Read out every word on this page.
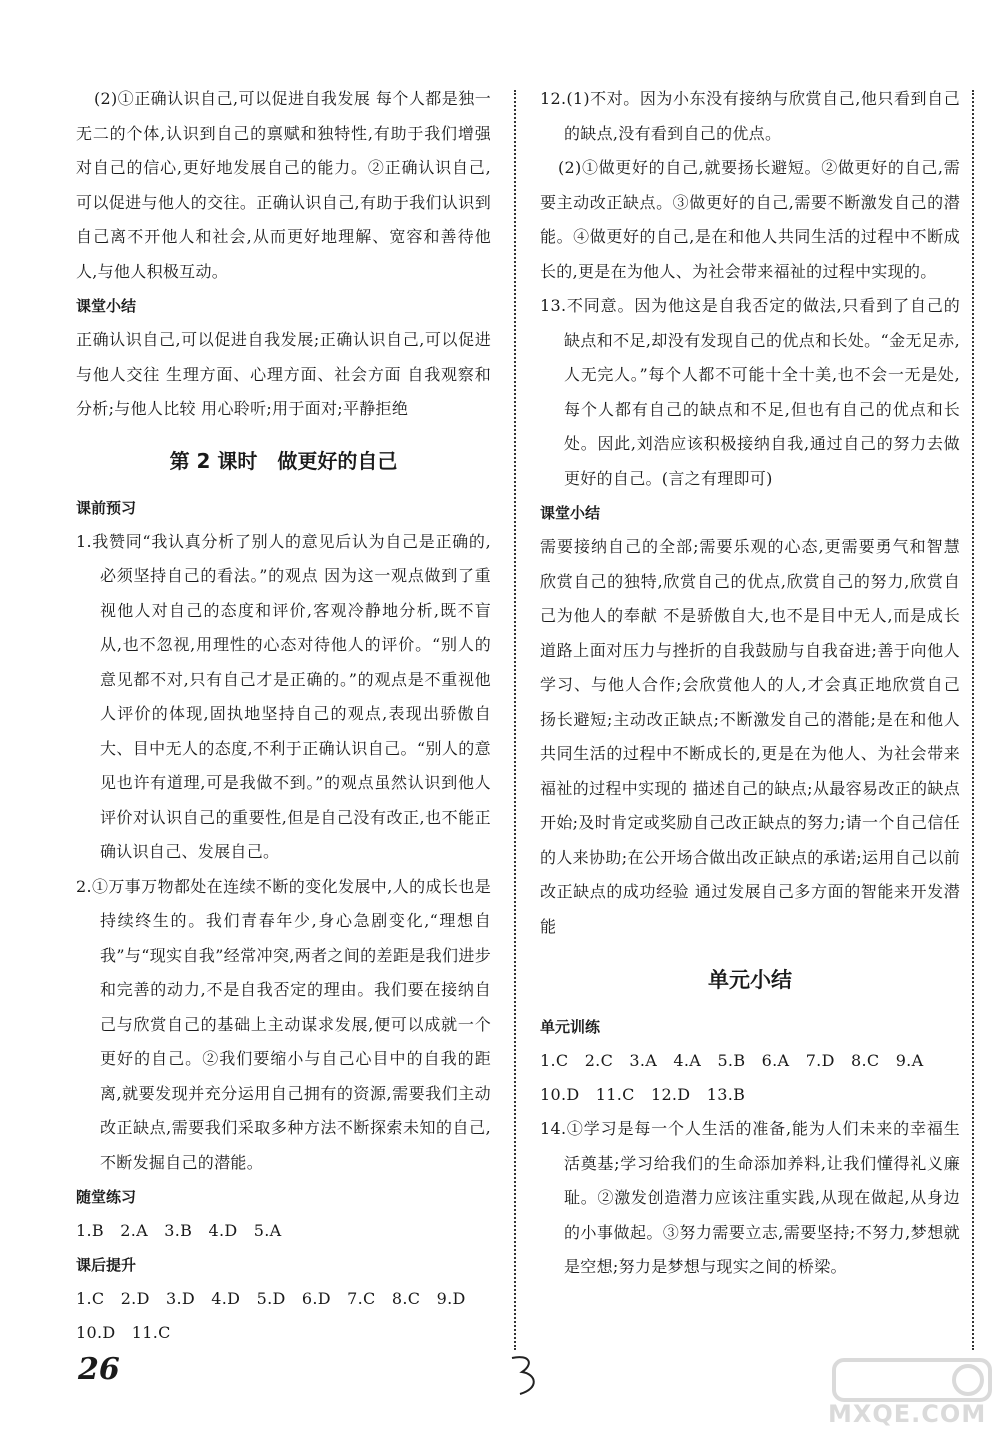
(2)①正确认识自己,可以促进自我发展 每个人都是独一无二的个体,认识到自己的禀赋和独特性,有助于我们增强对自己的信心,更好地发展自己的能力。②正确认识自己,可以促进与他人的交往。正确认识自己,有助于我们认识到自己离不开他人和社会,从而更好地理解、宽容和善待他人,与他人积极互动。

课堂小结

正确认识自己,可以促进自我发展;正确认识自己,可以促进与他人交往 生理方面、心理方面、社会方面 自我观察和分析;与他人比较 用心聆听;用于面对;平静拒绝

第 2 课时　做更好的自己
课前预习

1.我赞同“我认真分析了别人的意见后认为自己是正确的,必须坚持自己的看法。”的观点 因为这一观点做到了重视他人对自己的态度和评价,客观冷静地分析,既不盲从,也不忽视,用理性的心态对待他人的评价。“别人的意见都不对,只有自己才是正确的。”的观点是不重视他人评价的体现,固执地坚持自己的观点,表现出骄傲自大、目中无人的态度,不利于正确认识自己。“别人的意见也许有道理,可是我做不到。”的观点虽然认识到他人评价对认识自己的重要性,但是自己没有改正,也不能正确认识自己、发展自己。

2.①万事万物都处在连续不断的变化发展中,人的成长也是持续终生的。我们青春年少,身心急剧变化,“理想自我”与“现实自我”经常冲突,两者之间的差距是我们进步和完善的动力,不是自我否定的理由。我们要在接纳自己与欣赏自己的基础上主动谋求发展,便可以成就一个更好的自己。②我们要缩小与自己心目中的自我的距离,就要发现并充分运用自己拥有的资源,需要我们主动改正缺点,需要我们采取多种方法不断探索未知的自己,不断发掘自己的潜能。

随堂练习

1.B　2.A　3.B　4.D　5.A

课后提升

1.C　2.D　3.D　4.D　5.D　6.D　7.C　8.C　9.D

10.D　11.C

12.(1)不对。因为小东没有接纳与欣赏自己,他只看到自己的缺点,没有看到自己的优点。

(2)①做更好的自己,就要扬长避短。②做更好的自己,需要主动改正缺点。③做更好的自己,需要不断激发自己的潜能。④做更好的自己,是在和他人共同生活的过程中不断成长的,更是在为他人、为社会带来福祉的过程中实现的。

13.不同意。因为他这是自我否定的做法,只看到了自己的缺点和不足,却没有发现自己的优点和长处。“金无足赤,人无完人。”每个人都不可能十全十美,也不会一无是处,每个人都有自己的缺点和不足,但也有自己的优点和长处。因此,刘浩应该积极接纳自我,通过自己的努力去做更好的自己。(言之有理即可)

课堂小结

需要接纳自己的全部;需要乐观的心态,更需要勇气和智慧 欣赏自己的独特,欣赏自己的优点,欣赏自己的努力,欣赏自己为他人的奉献 不是骄傲自大,也不是目中无人,而是成长道路上面对压力与挫折的自我鼓励与自我奋进;善于向他人学习、与他人合作;会欣赏他人的人,才会真正地欣赏自己 扬长避短;主动改正缺点;不断激发自己的潜能;是在和他人共同生活的过程中不断成长的,更是在为他人、为社会带来福祉的过程中实现的 描述自己的缺点;从最容易改正的缺点开始;及时肯定或奖励自己改正缺点的努力;请一个自己信任的人来协助;在公开场合做出改正缺点的承诺;运用自己以前改正缺点的成功经验 通过发展自己多方面的智能来开发潜能

单元小结
单元训练

1.C　2.C　3.A　4.A　5.B　6.A　7.D　8.C　9.A

10.D　11.C　12.D　13.B

14.①学习是每一个人生活的准备,能为人们未来的幸福生活奠基;学习给我们的生命添加养料,让我们懂得礼义廉耻。②激发创造潜力应该注重实践,从现在做起,从身边的小事做起。③努力需要立志,需要坚持;不努力,梦想就是空想;努力是梦想与现实之间的桥梁。

26
MXQE.COM
